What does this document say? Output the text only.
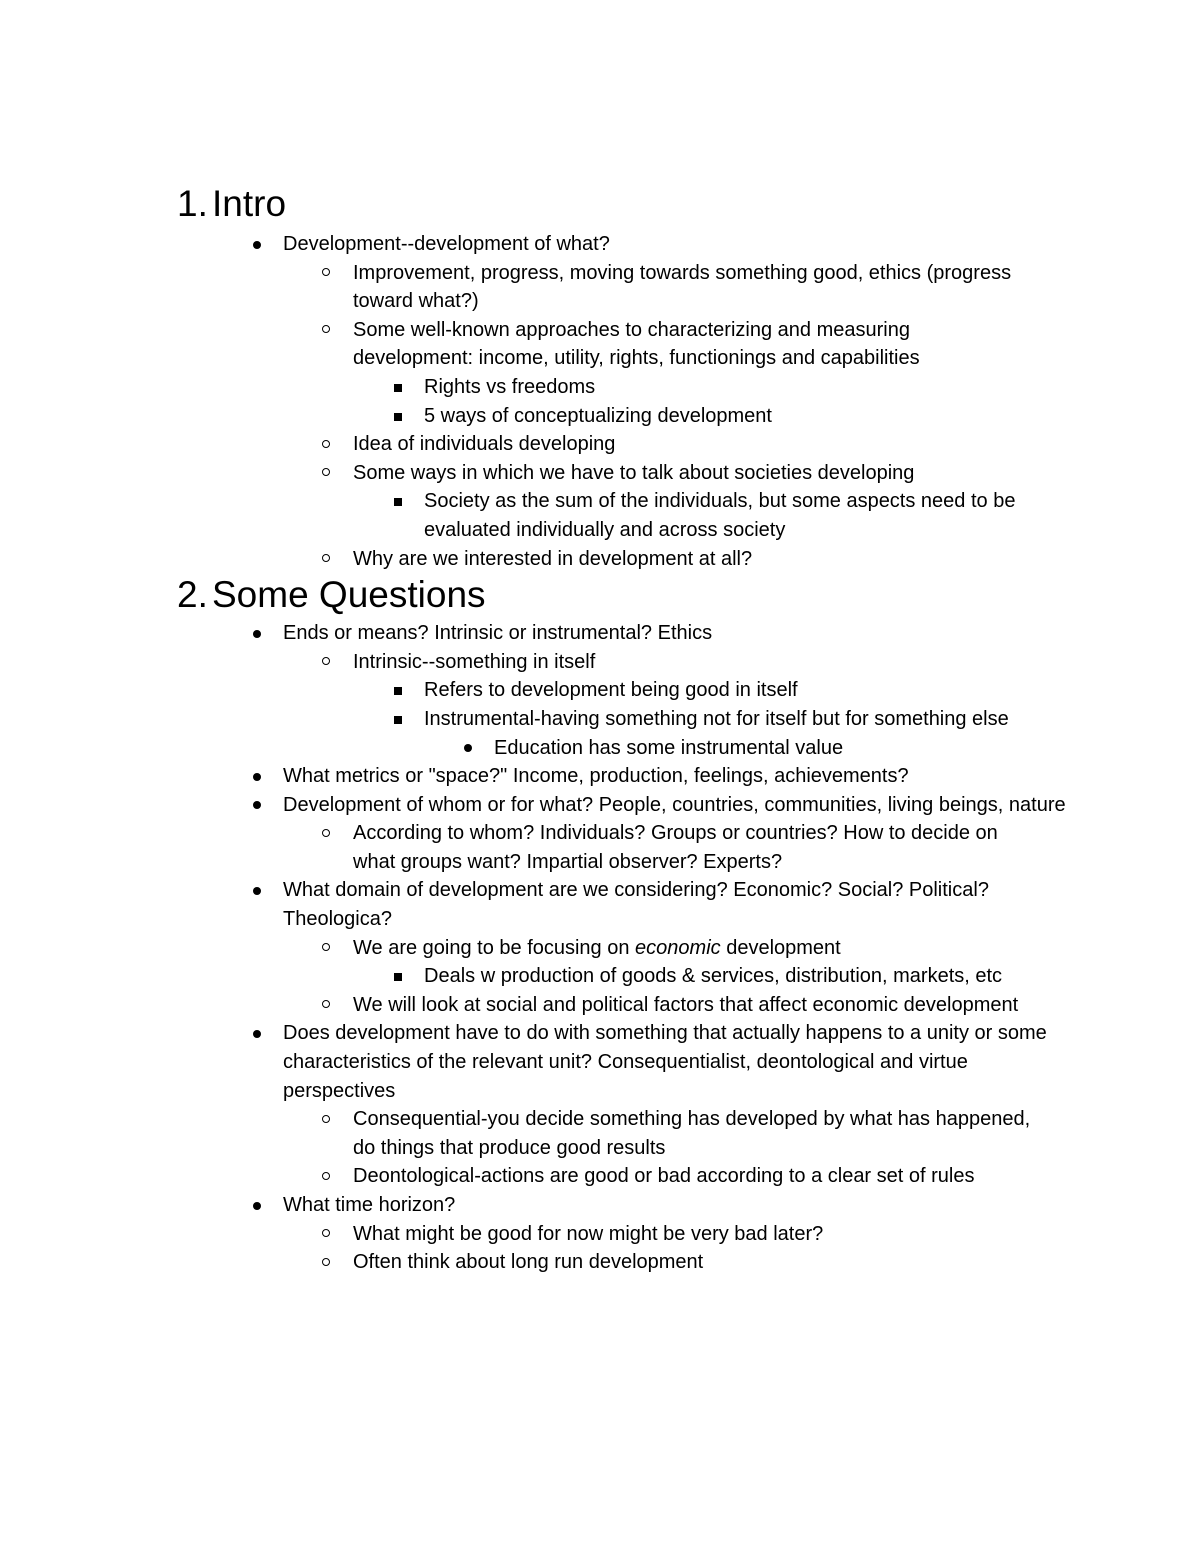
1. Intro
Development--development of what?
Improvement, progress, moving towards something good, ethics (progress toward what?)
Some well-known approaches to characterizing and measuring development: income, utility, rights, functionings and capabilities
Rights vs freedoms
5 ways of conceptualizing development
Idea of individuals developing
Some ways in which we have to talk about societies developing
Society as the sum of the individuals, but some aspects need to be evaluated individually and across society
Why are we interested in development at all?
2. Some Questions
Ends or means? Intrinsic or instrumental? Ethics
Intrinsic--something in itself
Refers to development being good in itself
Instrumental-having something not for itself but for something else
Education has some instrumental value
What metrics or "space?" Income, production, feelings, achievements?
Development of whom or for what? People, countries, communities, living beings, nature
According to whom? Individuals? Groups or countries? How to decide on what groups want? Impartial observer? Experts?
What domain of development are we considering? Economic? Social? Political? Theologica?
We are going to be focusing on economic development
Deals w production of goods & services, distribution, markets, etc
We will look at social and political factors that affect economic development
Does development have to do with something that actually happens to a unity or some characteristics of the relevant unit? Consequentialist, deontological and virtue perspectives
Consequential-you decide something has developed by what has happened, do things that produce good results
Deontological-actions are good or bad according to a clear set of rules
What time horizon?
What might be good for now might be very bad later?
Often think about long run development
